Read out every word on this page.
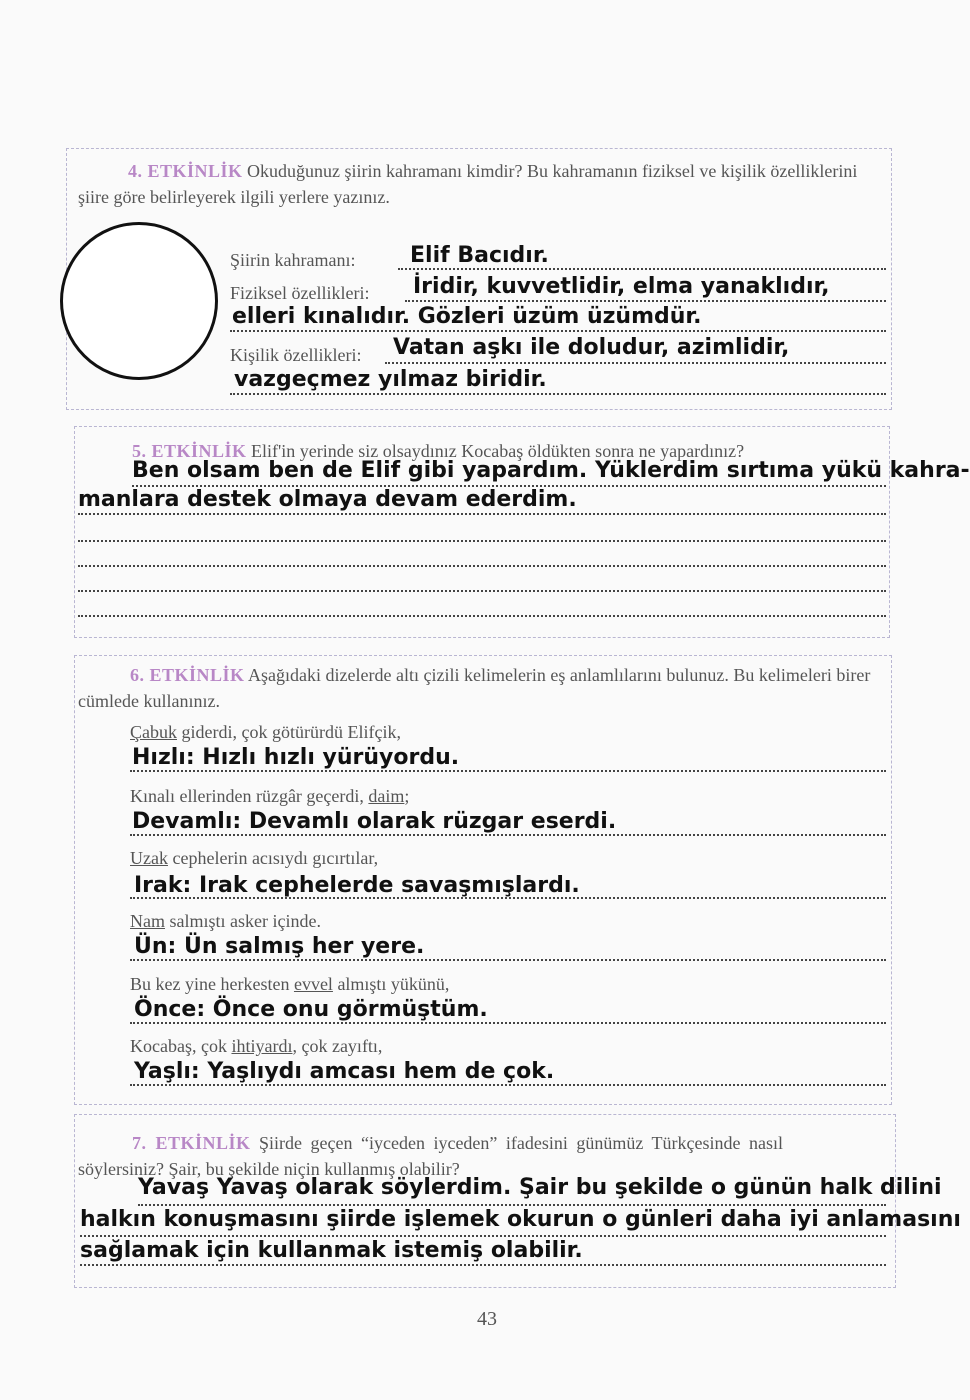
4. ETKİNLİK Okuduğunuz şiirin kahramanı kimdir? Bu kahramanın fiziksel ve kişilik özelliklerini şiire göre belirleyerek ilgili yerlere yazınız.
Şiirin kahramanı: Elif Bacıdır.
Fiziksel özellikleri: İridir, kuvvetlidir, elma yanaklıdır,
elleri kınalıdır. Gözleri üzüm üzümdür.
Kişilik özellikleri: Vatan aşkı ile doludur, azimlidir,
vazgeçmez yılmaz biridir.
5. ETKİNLİK Elif'in yerinde siz olsaydınız Kocabaş öldükten sonra ne yapardınız?
Ben olsam ben de Elif gibi yapardım. Yüklerdim sırtıma yükü kahra-
manlara destek olmaya devam ederdim.
6. ETKİNLİK Aşağıdaki dizelerde altı çizili kelimelerin eş anlamlılarını bulunuz. Bu kelimeleri birer cümlede kullanınız.
Çabuk giderdi, çok götürürdü Elifçik,
Hızlı: Hızlı hızlı yürüyordu.
Kınalı ellerinden rüzgâr geçerdi, daim;
Devamlı: Devamlı olarak rüzgar eserdi.
Uzak cephelerin acısıydı gıcırtılar,
Irak: Irak cephelerde savaşmışlardı.
Nam salmıştı asker içinde.
Ün: Ün salmış her yere.
Bu kez yine herkesten evvel almıştı yükünü,
Önce: Önce onu görmüştüm.
Kocabaş, çok ihtiyardı, çok zayıftı,
Yaşlı: Yaşlıydı amcası hem de çok.
7. ETKİNLİK Şiirde geçen “iyceden iyceden” ifadesini günümüz Türkçesinde nasıl
söylersiniz? Şair, bu şekilde niçin kullanmış olabilir?
Yavaş Yavaş olarak söylerdim. Şair bu şekilde o günün halk dilini
halkın konuşmasını şiirde işlemek okurun o günleri daha iyi anlamasını
sağlamak için kullanmak istemiş olabilir.
43
